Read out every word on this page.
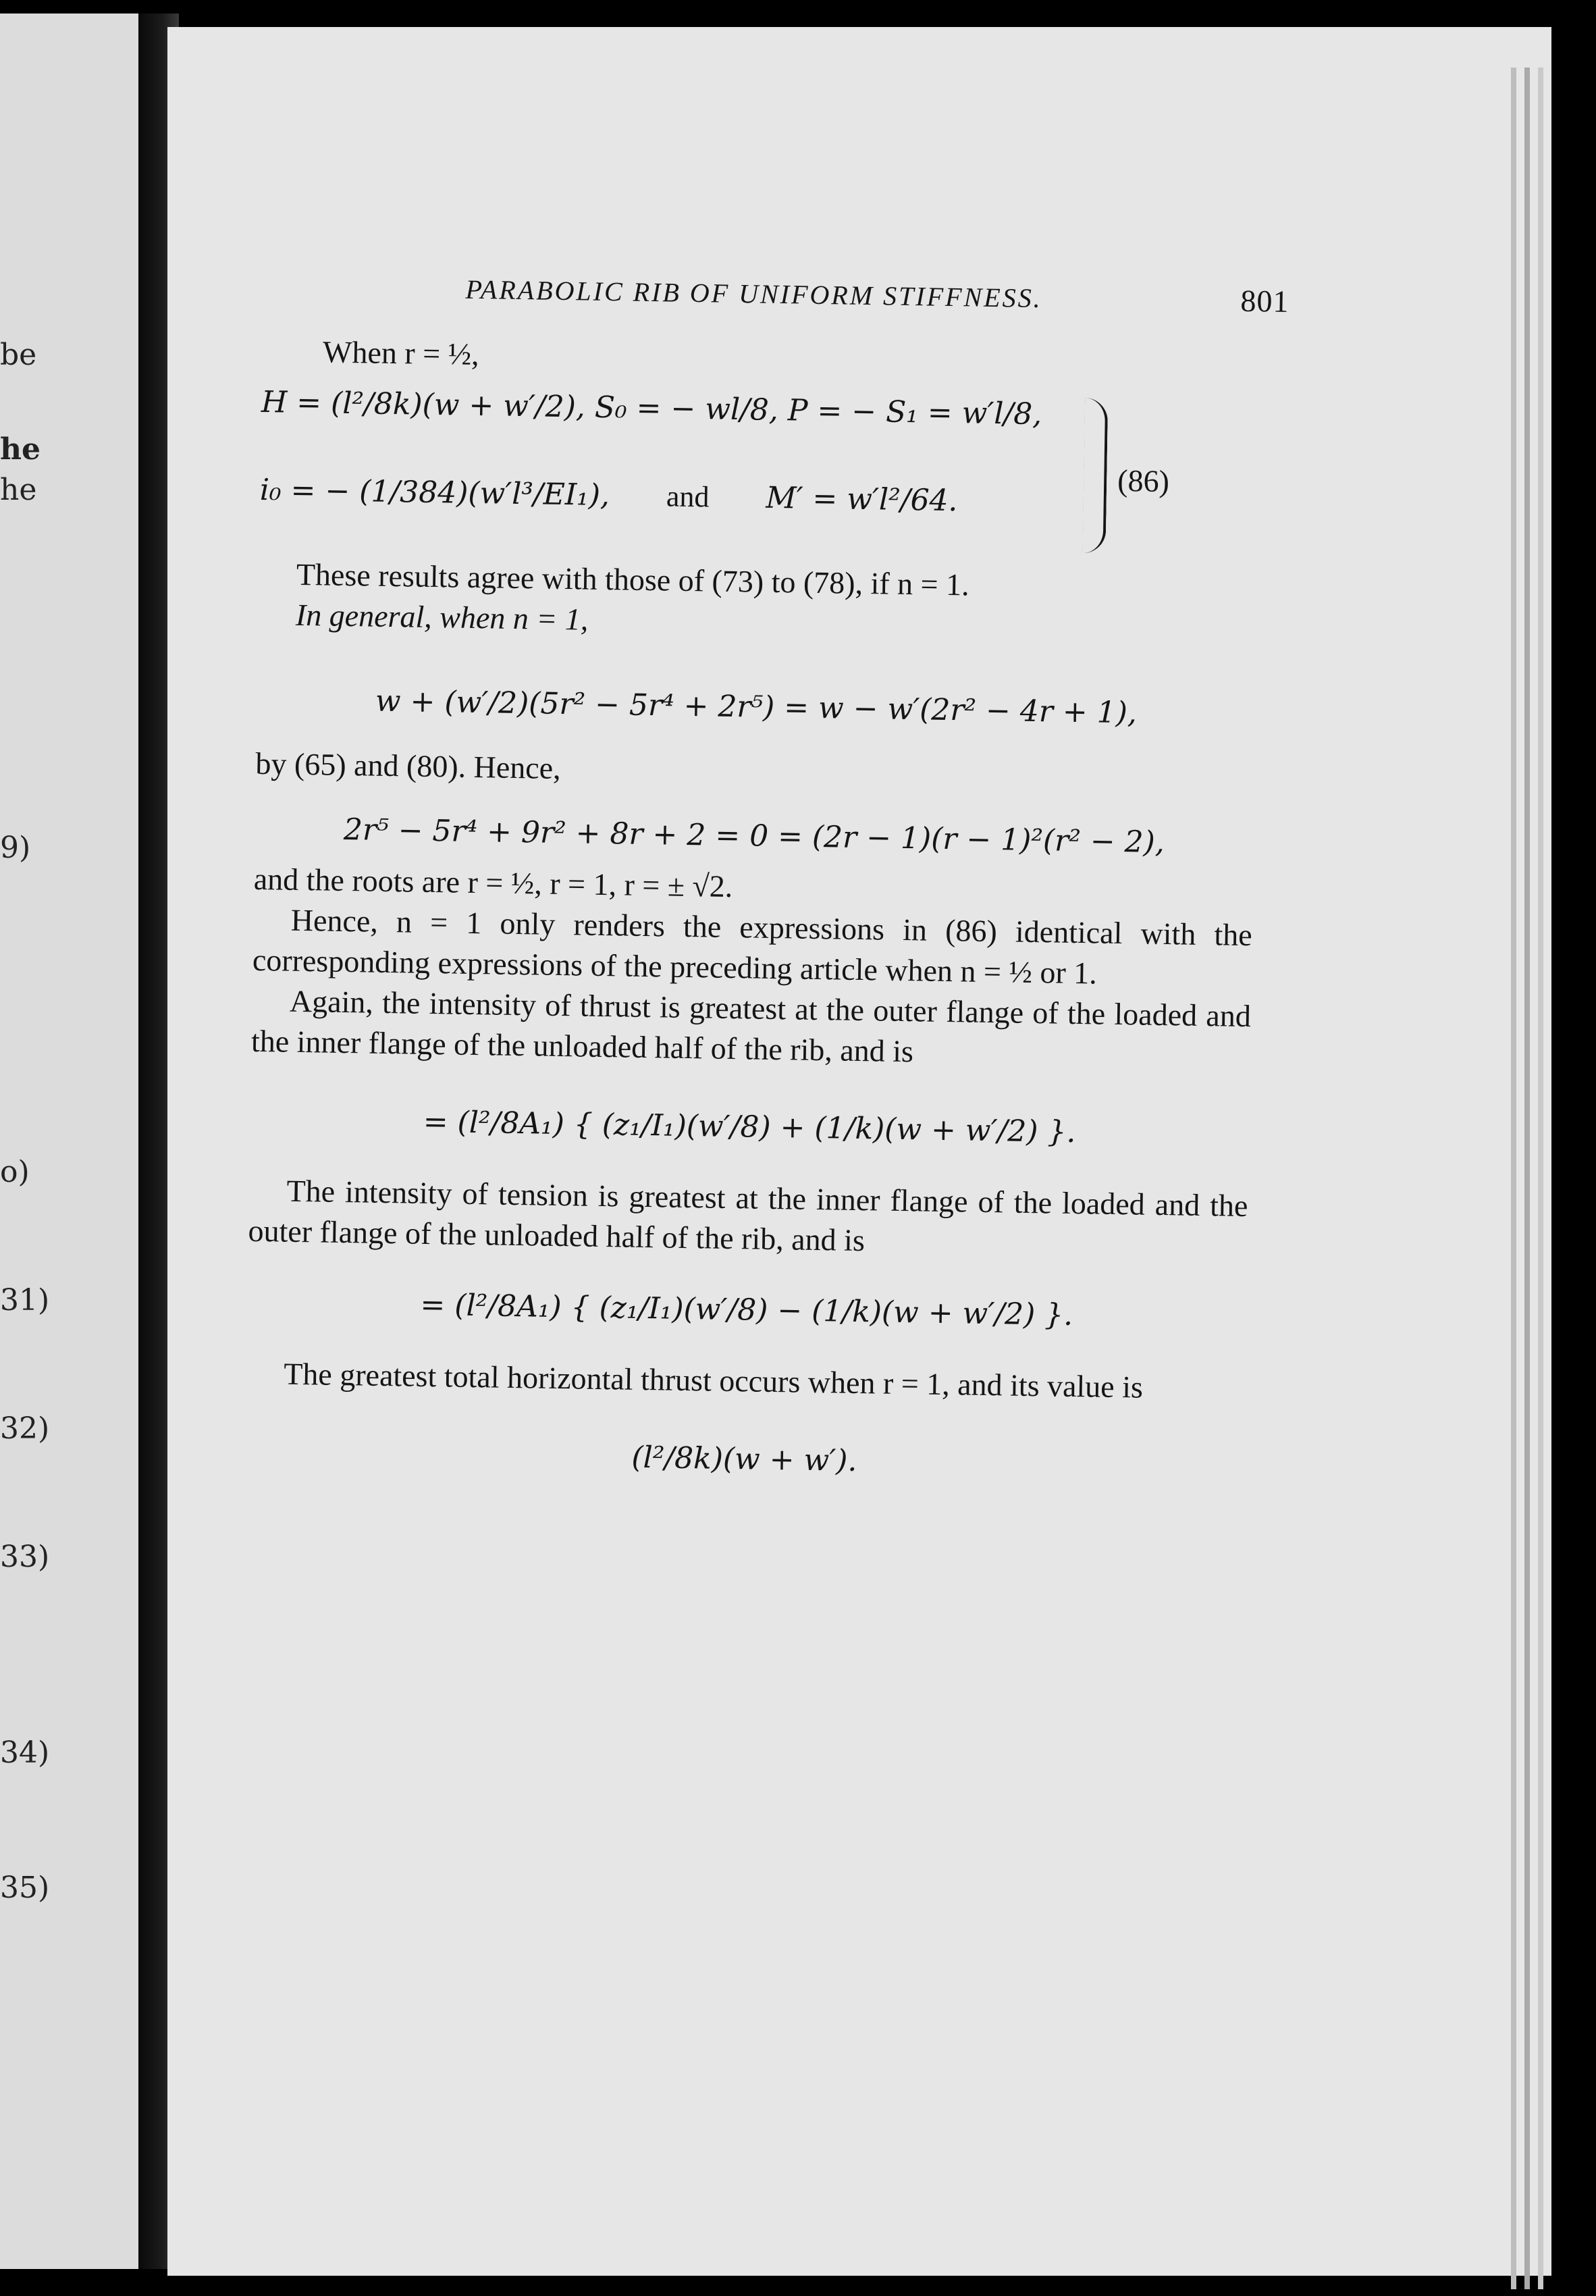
be
he
he
9)
o)
31)
32)
33)
34)
35)
PARABOLIC RIB OF UNIFORM STIFFNESS.	801
When r = ½,
H = (l²/8k)(w + w′/2), S₀ = − wl/8, P = − S₁ = w′l/8,
i₀ = − (1/384)(w′l³/EI₁), and M′ = w′l²/64.	(86)
These results agree with those of (73) to (78), if n = 1.
In general, when n = 1,
w + (w′/2)(5r² − 5r⁴ + 2r⁵) = w − w′(2r² − 4r + 1),
by (65) and (80). Hence,
2r⁵ − 5r⁴ + 9r² + 8r + 2 = 0 = (2r − 1)(r − 1)²(r² − 2),
and the roots are r = ½, r = 1, r = ± √2.
Hence, n = 1 only renders the expressions in (86) identical with the corresponding expressions of the preceding article when n = ½ or 1.
Again, the intensity of thrust is greatest at the outer flange of the loaded and the inner flange of the unloaded half of the rib, and is
= (l²/8A₁) { (z₁/I₁)(w′/8) + (1/k)(w + w′/2) }.
The intensity of tension is greatest at the inner flange of the loaded and the outer flange of the unloaded half of the rib, and is
= (l²/8A₁) { (z₁/I₁)(w′/8) − (1/k)(w + w′/2) }.
The greatest total horizontal thrust occurs when r = 1, and its value is
(l²/8k)(w + w′).
